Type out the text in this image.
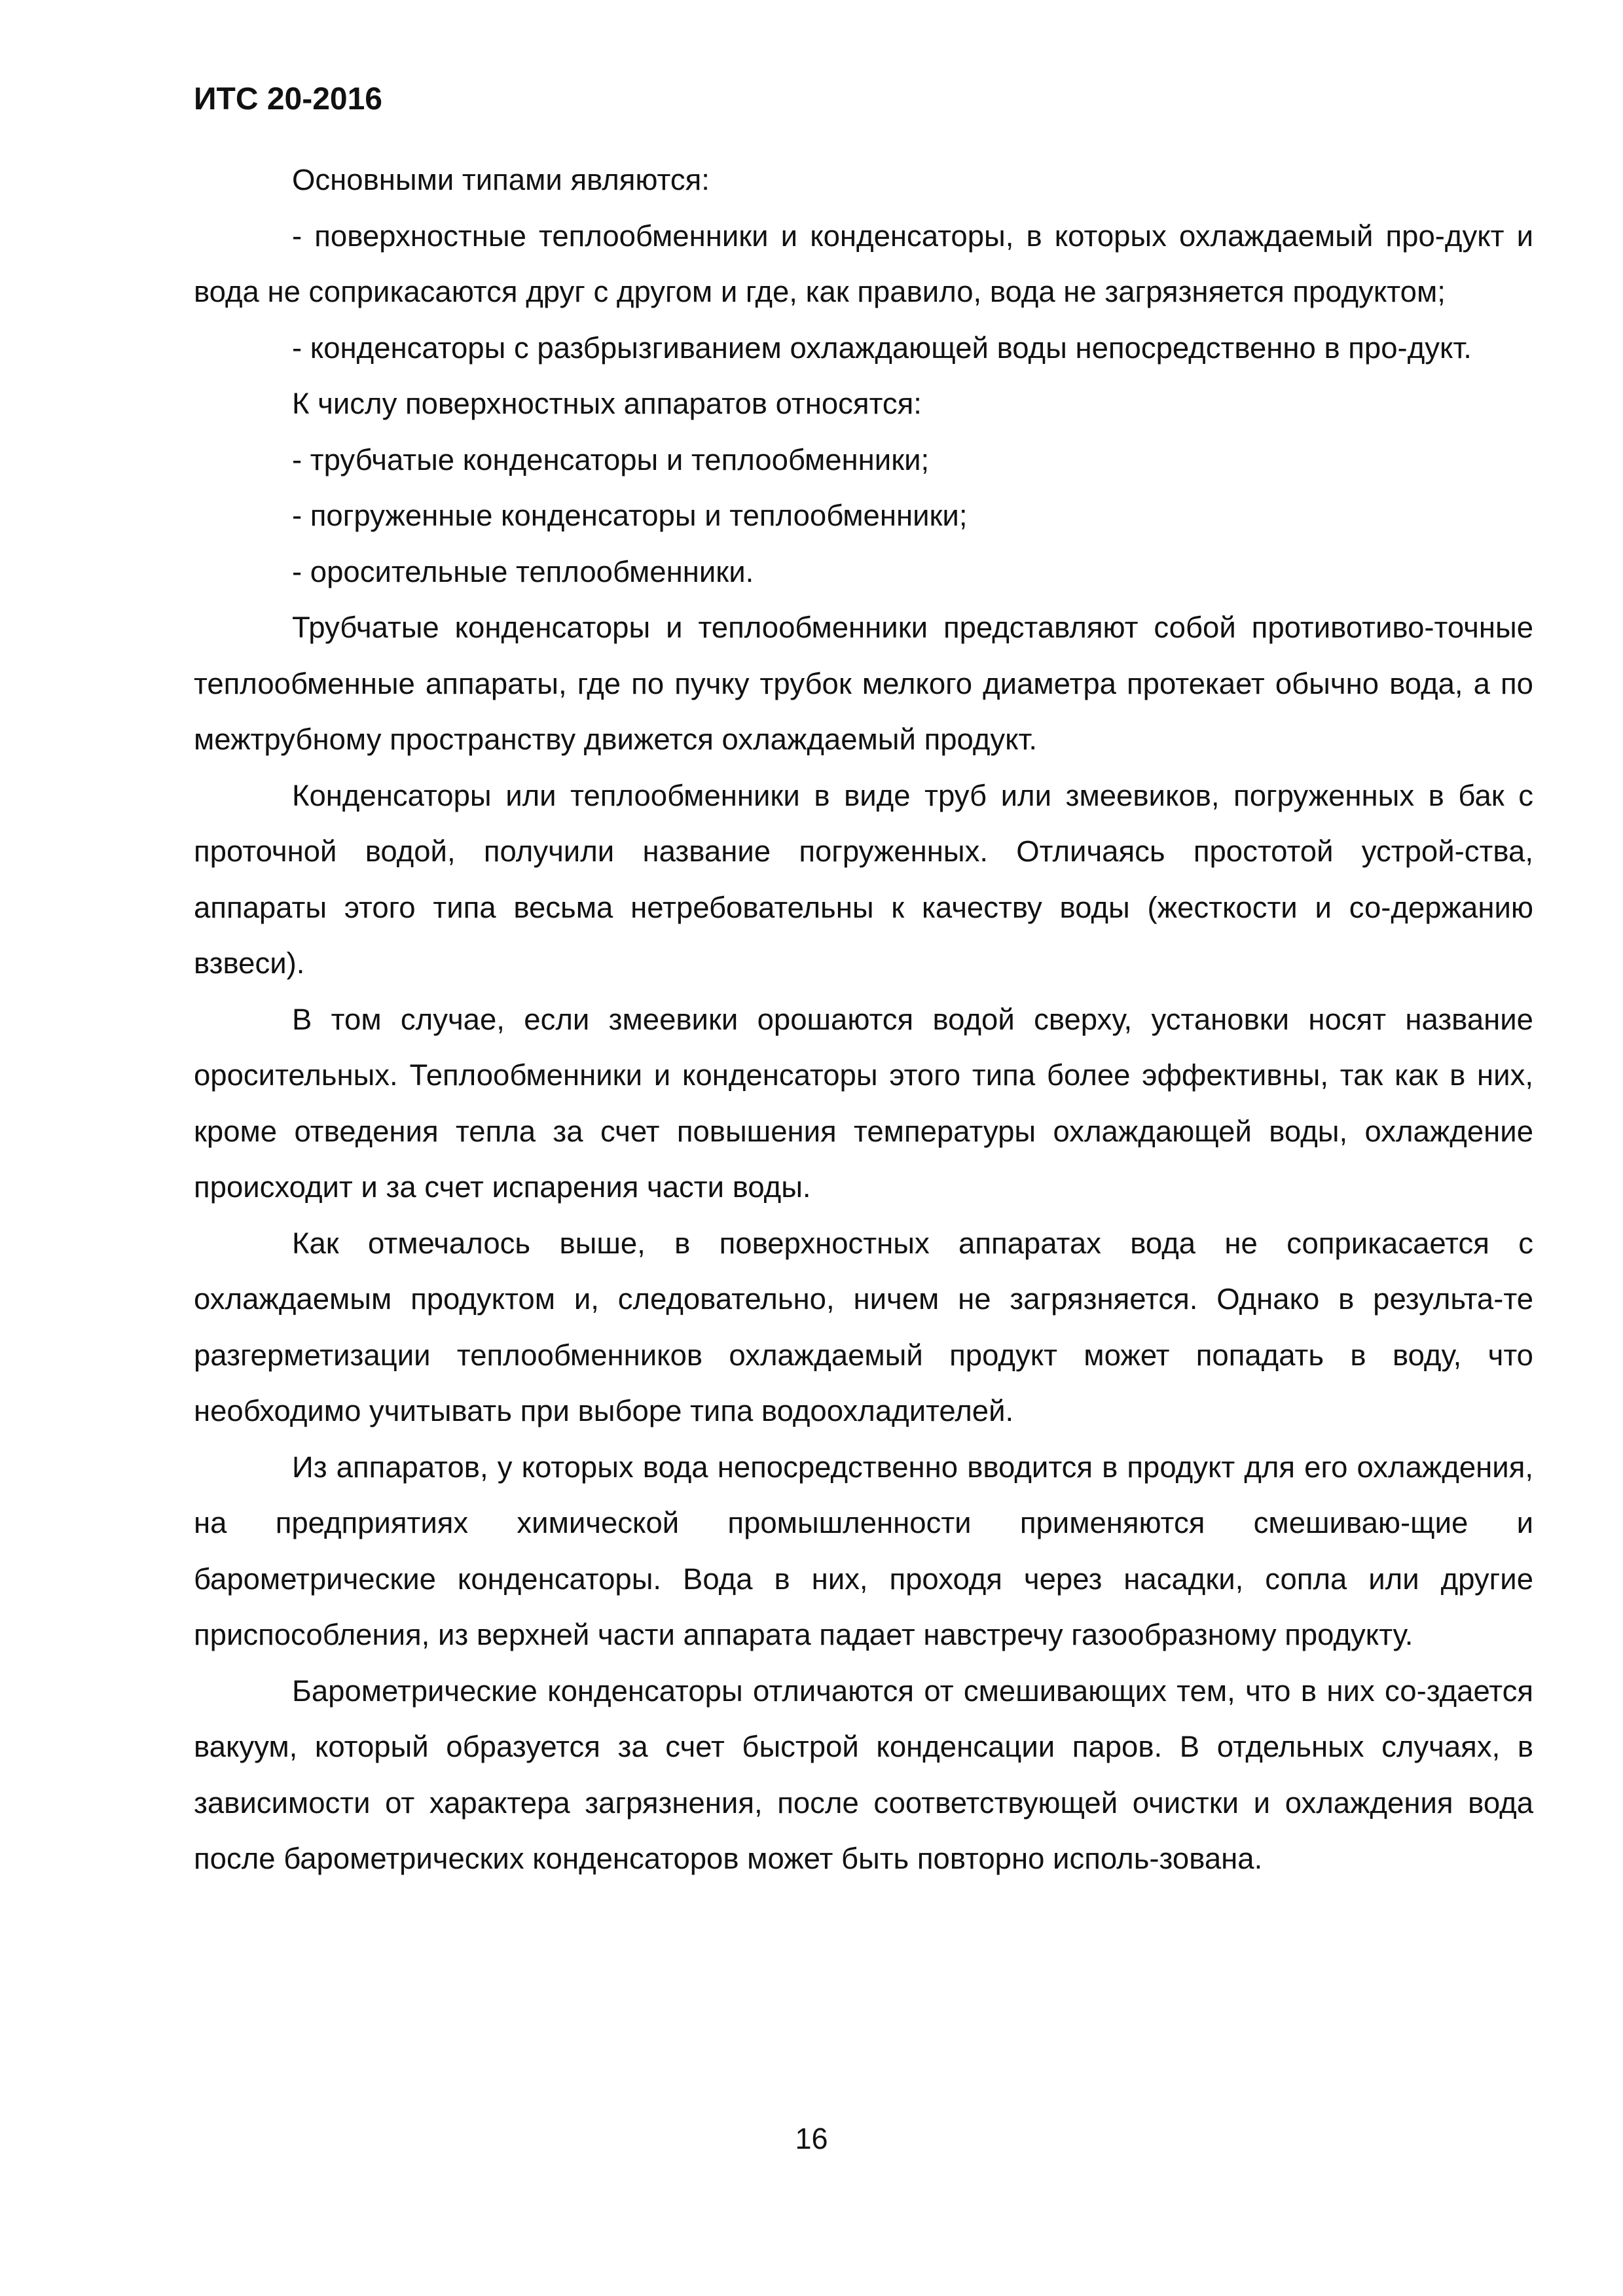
ИТС 20-2016

Основными типами являются:

- поверхностные теплообменники и конденсаторы, в которых охлаждаемый про-дукт и вода не соприкасаются друг с другом и где, как правило, вода не загрязняется продуктом;

- конденсаторы с разбрызгиванием охлаждающей воды непосредственно в про-дукт.

К числу поверхностных аппаратов относятся:

- трубчатые конденсаторы и теплообменники;

- погруженные конденсаторы и теплообменники;

- оросительные теплообменники.

Трубчатые конденсаторы и теплообменники представляют собой противотиво-точные теплообменные аппараты, где по пучку трубок мелкого диаметра протекает обычно вода, а по межтрубному пространству движется охлаждаемый продукт.

Конденсаторы или теплообменники в виде труб или змеевиков, погруженных в бак с проточной водой, получили название погруженных. Отличаясь простотой устрой-ства, аппараты этого типа весьма нетребовательны к качеству воды (жесткости и со-держанию взвеси).

В том случае, если змеевики орошаются водой сверху, установки носят название оросительных. Теплообменники и конденсаторы этого типа более эффективны, так как в них, кроме отведения тепла за счет повышения температуры охлаждающей воды, охлаждение происходит и за счет испарения части воды.

Как отмечалось выше, в поверхностных аппаратах вода не соприкасается с охлаждаемым продуктом и, следовательно, ничем не загрязняется. Однако в результа-те разгерметизации теплообменников охлаждаемый продукт может попадать в воду, что необходимо учитывать при выборе типа водоохладителей.

Из аппаратов, у которых вода непосредственно вводится в продукт для его охлаждения, на предприятиях химической промышленности применяются смешиваю-щие и барометрические конденсаторы. Вода в них, проходя через насадки, сопла или другие приспособления, из верхней части аппарата падает навстречу газообразному продукту.

Барометрические конденсаторы отличаются от смешивающих тем, что в них со-здается вакуум, который образуется за счет быстрой конденсации паров. В отдельных случаях, в зависимости от характера загрязнения, после соответствующей очистки и охлаждения вода после барометрических конденсаторов может быть повторно исполь-зована.

16
